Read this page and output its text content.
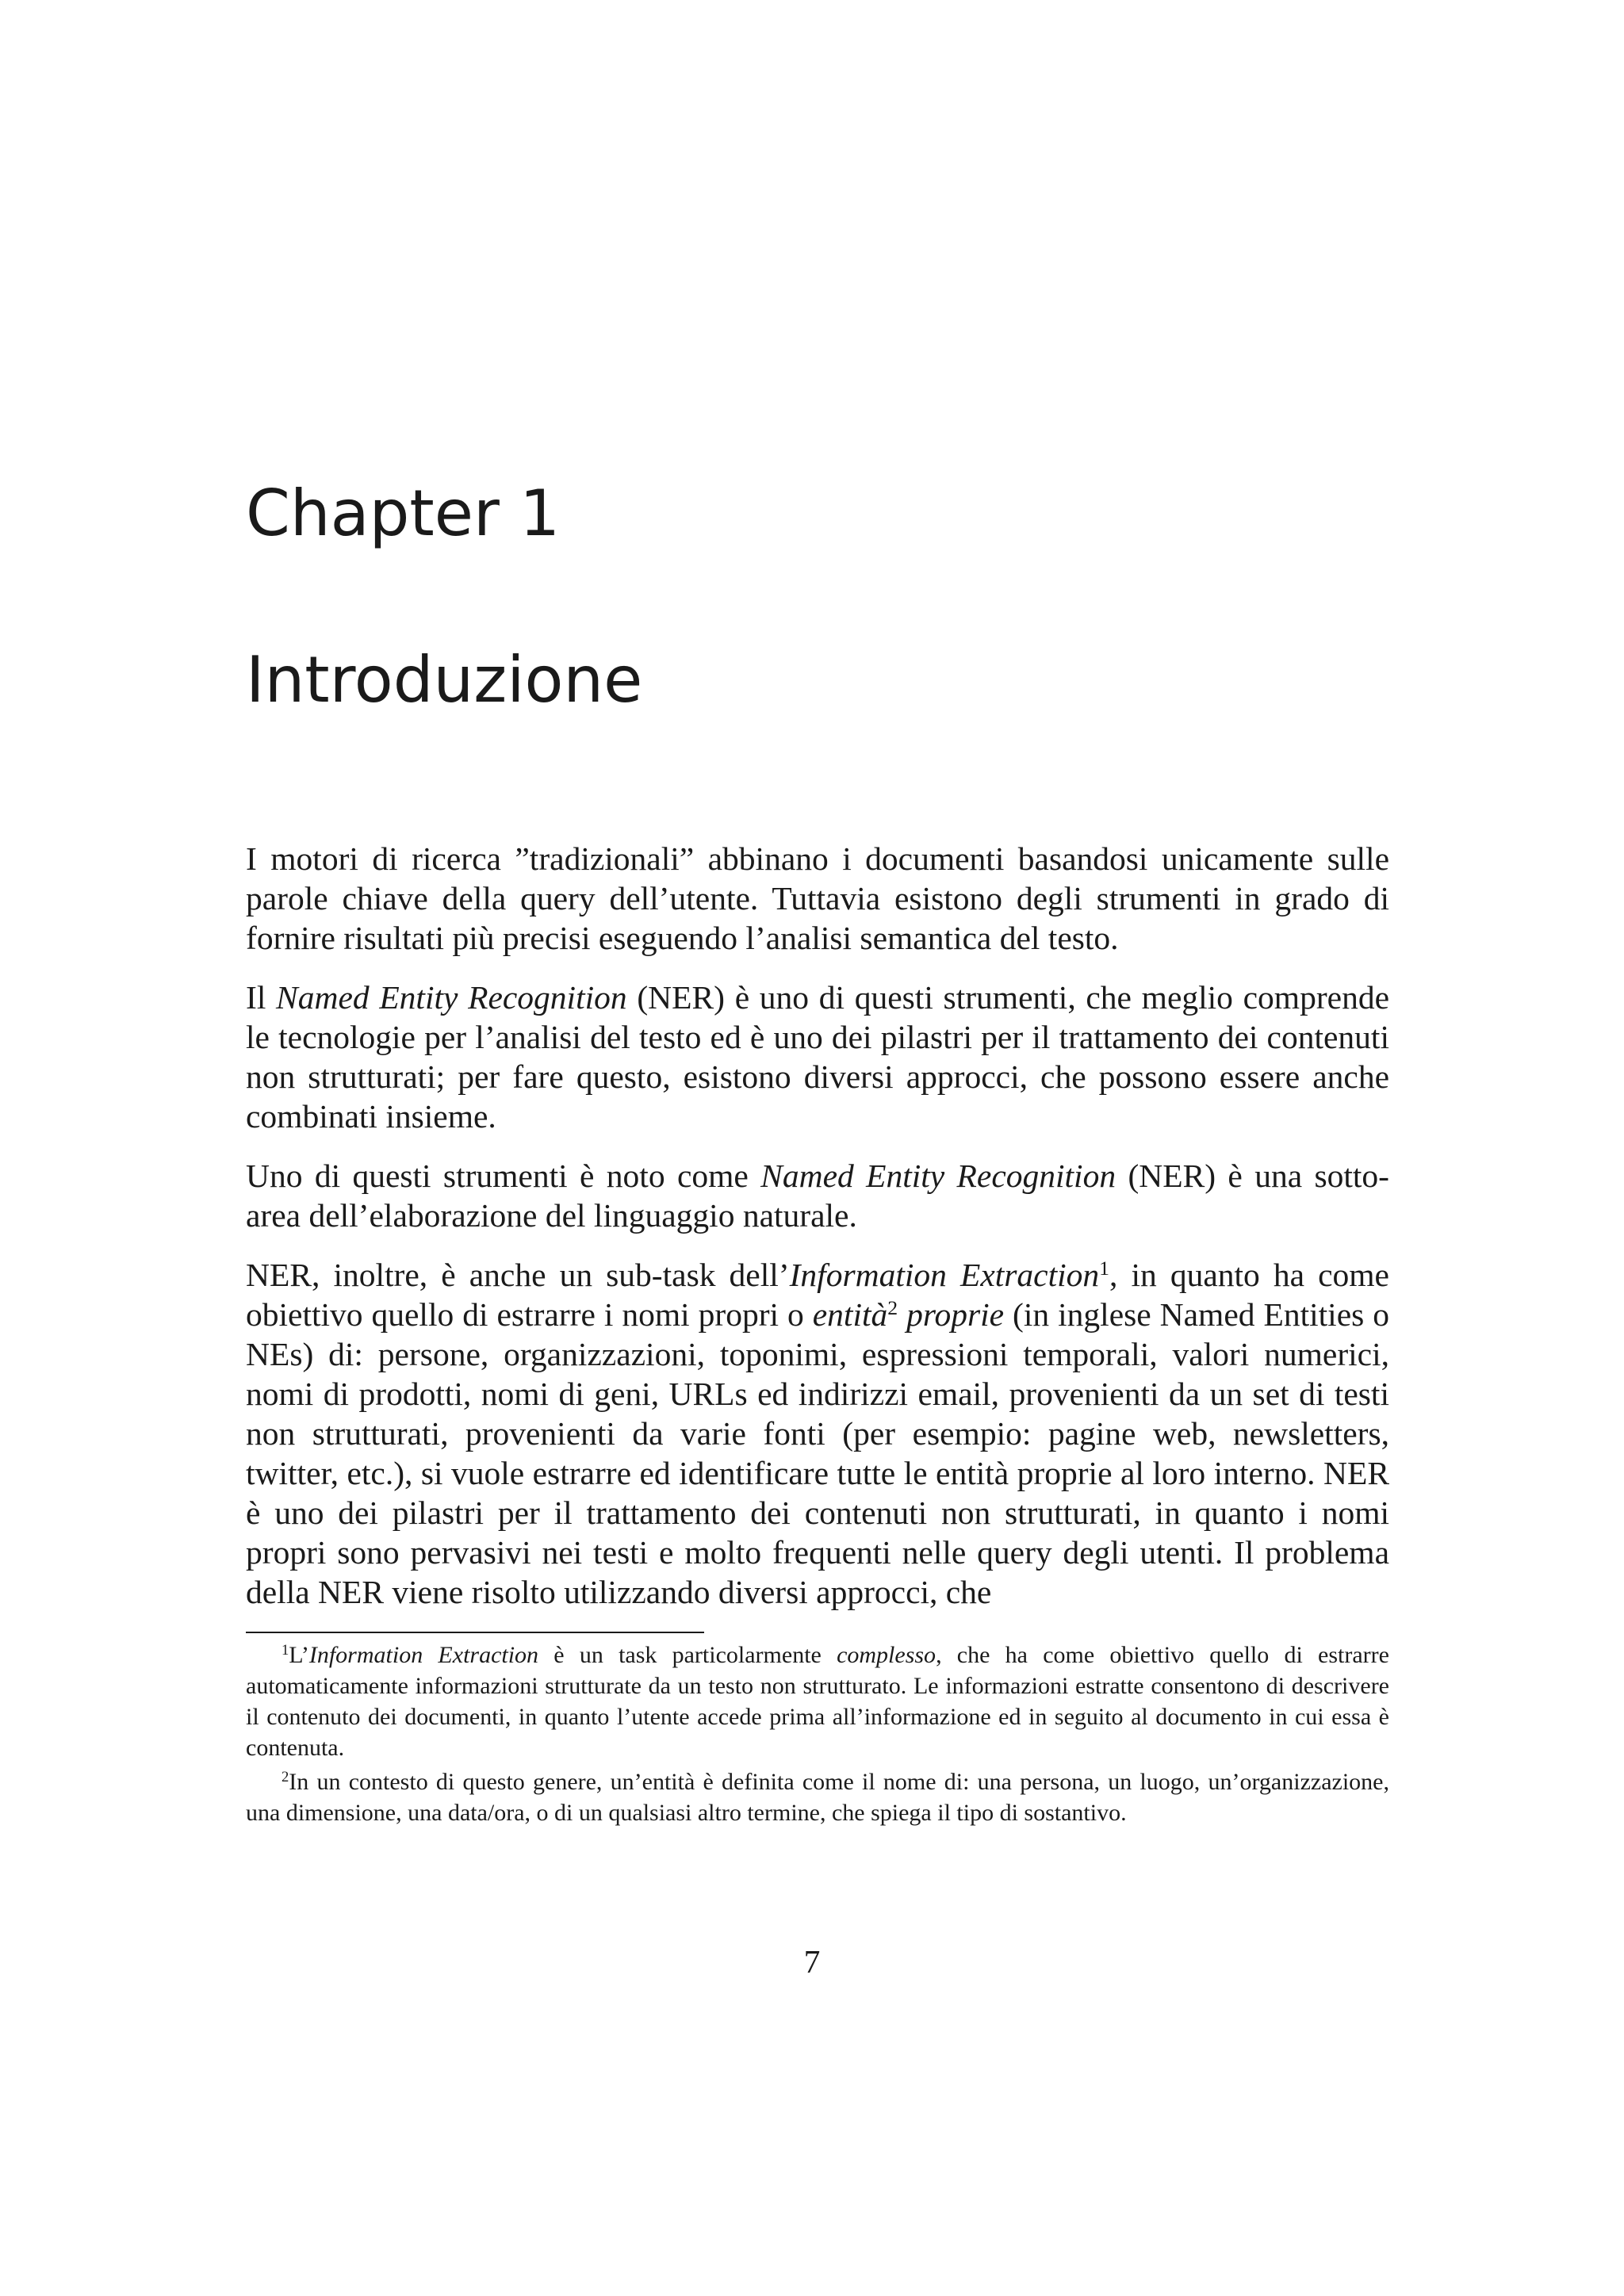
Chapter 1
Introduzione

I motori di ricerca ”tradizionali” abbinano i documenti basandosi unicamente sulle parole chiave della query dell’utente. Tuttavia esistono degli strumenti in grado di fornire risultati più precisi eseguendo l’analisi semantica del testo.

Il Named Entity Recognition (NER) è uno di questi strumenti, che meglio comprende le tecnologie per l’analisi del testo ed è uno dei pilastri per il trattamento dei contenuti non strutturati; per fare questo, esistono diversi approcci, che possono essere anche combinati insieme.

Uno di questi strumenti è noto come Named Entity Recognition (NER) è una sotto-area dell’elaborazione del linguaggio naturale.

NER, inoltre, è anche un sub-task dell’Information Extraction$^1$, in quanto ha come obiettivo quello di estrarre i nomi propri o entità$^2$ proprie (in inglese Named Entities o NEs) di: persone, organizzazioni, toponimi, espressioni temporali, valori numerici, nomi di prodotti, nomi di geni, URLs ed indirizzi email, provenienti da un set di testi non strutturati, provenienti da varie fonti (per esempio: pagine web, newsletters, twitter, etc.), si vuole estrarre ed identificare tutte le entità proprie al loro interno. NER è uno dei pilastri per il trattamento dei contenuti non strutturati, in quanto i nomi propri sono pervasivi nei testi e molto frequenti nelle query degli utenti. Il problema della NER viene risolto utilizzando diversi approcci, che

$^1$L’Information Extraction è un task particolarmente complesso, che ha come obiettivo quello di estrarre automaticamente informazioni strutturate da un testo non strutturato. Le informazioni estratte consentono di descrivere il contenuto dei documenti, in quanto l’utente accede prima all’informazione ed in seguito al documento in cui essa è contenuta.

$^2$In un contesto di questo genere, un’entità è definita come il nome di: una persona, un luogo, un’organizzazione, una dimensione, una data/ora, o di un qualsiasi altro termine, che spiega il tipo di sostantivo.

7
